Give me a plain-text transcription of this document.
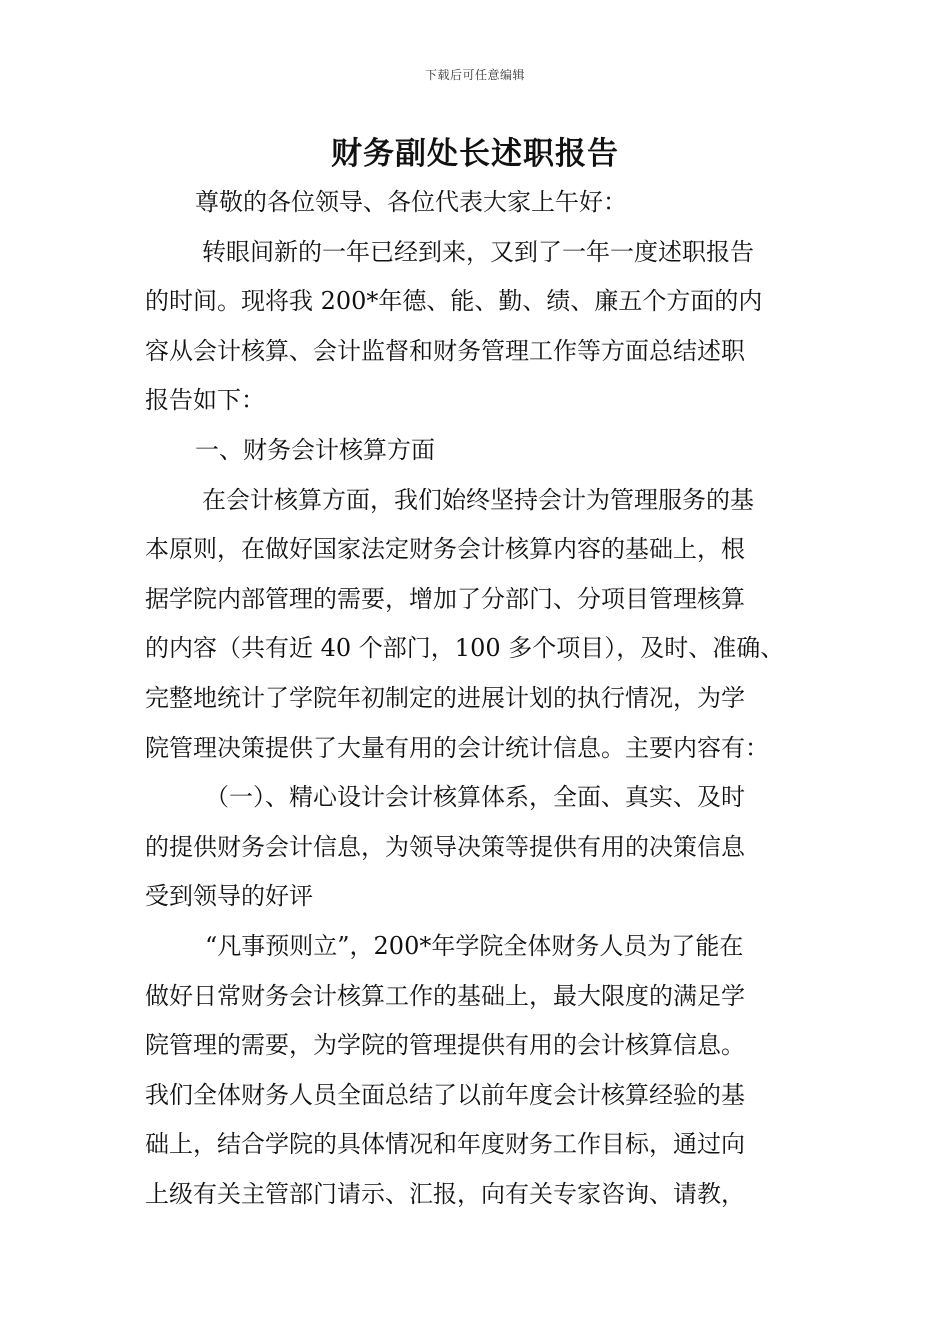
下载后可任意编辑
财务副处长述职报告
尊敬的各位领导、各位代表大家上午好：
转眼间新的一年已经到来，又到了一年一度述职报告
的时间。现将我 200*年德、能、勤、绩、廉五个方面的内
容从会计核算、会计监督和财务管理工作等方面总结述职
报告如下：
一、财务会计核算方面
在会计核算方面，我们始终坚持会计为管理服务的基
本原则，在做好国家法定财务会计核算内容的基础上，根
据学院内部管理的需要，增加了分部门、分项目管理核算
的内容（共有近 40 个部门，100 多个项目），及时、准确、
完整地统计了学院年初制定的进展计划的执行情况，为学
院管理决策提供了大量有用的会计统计信息。主要内容有：
（一）、精心设计会计核算体系，全面、真实、及时
的提供财务会计信息，为领导决策等提供有用的决策信息
受到领导的好评
“凡事预则立”，200*年学院全体财务人员为了能在
做好日常财务会计核算工作的基础上，最大限度的满足学
院管理的需要，为学院的管理提供有用的会计核算信息。
我们全体财务人员全面总结了以前年度会计核算经验的基
础上，结合学院的具体情况和年度财务工作目标，通过向
上级有关主管部门请示、汇报，向有关专家咨询、请教，
